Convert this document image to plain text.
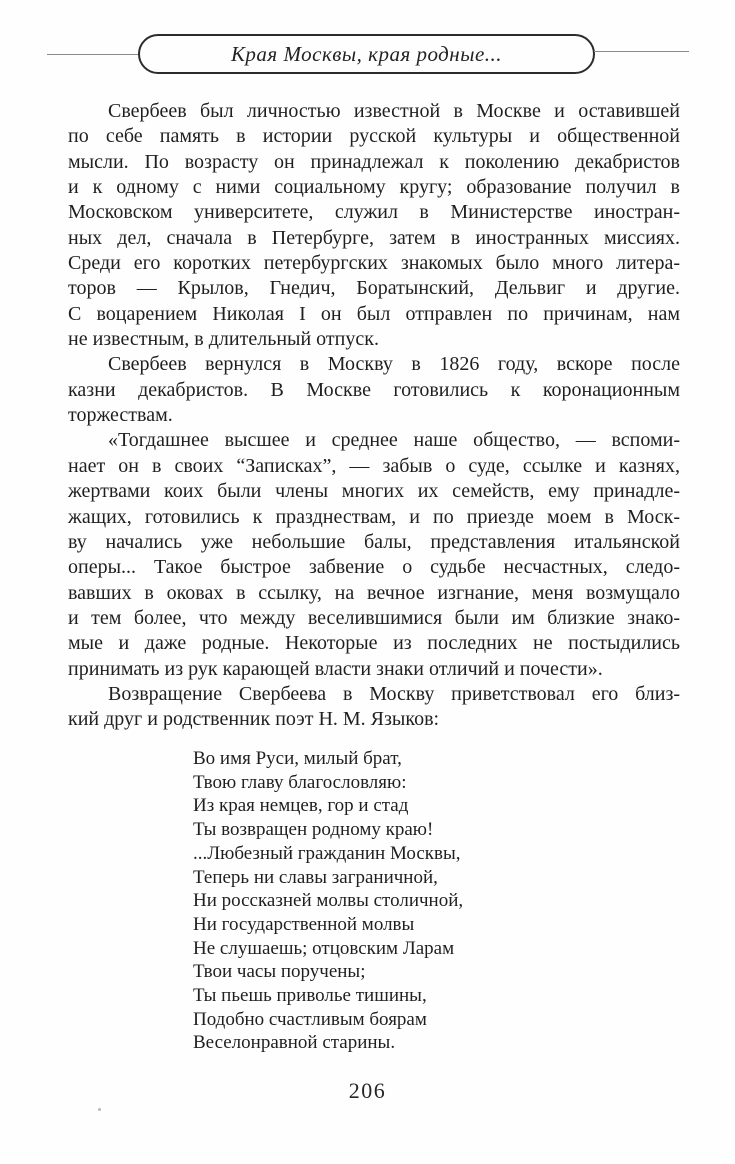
Края Москвы, края родные...
Свербеев был личностью известной в Москве и оставившей
по себе память в истории русской культуры и общественной
мысли. По возрасту он принадлежал к поколению декабристов
и к одному с ними социальному кругу; образование получил в
Московском университете, служил в Министерстве иностран-
ных дел, сначала в Петербурге, затем в иностранных миссиях.
Среди его коротких петербургских знакомых было много литера-
торов — Крылов, Гнедич, Боратынский, Дельвиг и другие.
С воцарением Николая I он был отправлен по причинам, нам
не известным, в длительный отпуск.
Свербеев вернулся в Москву в 1826 году, вскоре после
казни декабристов. В Москве готовились к коронационным
торжествам.
«Тогдашнее высшее и среднее наше общество, — вспоми-
нает он в своих “Записках”, — забыв о суде, ссылке и казнях,
жертвами коих были члены многих их семейств, ему принадле-
жащих, готовились к празднествам, и по приезде моем в Моск-
ву начались уже небольшие балы, представления итальянской
оперы... Такое быстрое забвение о судьбе несчастных, следо-
вавших в оковах в ссылку, на вечное изгнание, меня возмущало
и тем более, что между веселившимися были им близкие знако-
мые и даже родные. Некоторые из последних не постыдились
принимать из рук карающей власти знаки отличий и почести».
Возвращение Свербеева в Москву приветствовал его близ-
кий друг и родственник поэт Н. М. Языков:
Во имя Руси, милый брат,
Твою главу благословляю:
Из края немцев, гор и стад
Ты возвращен родному краю!
...Любезный гражданин Москвы,
Теперь ни славы заграничной,
Ни россказней молвы столичной,
Ни государственной молвы
Не слушаешь; отцовским Ларам
Твои часы поручены;
Ты пьешь приволье тишины,
Подобно счастливым боярам
Веселонравной старины.
206
